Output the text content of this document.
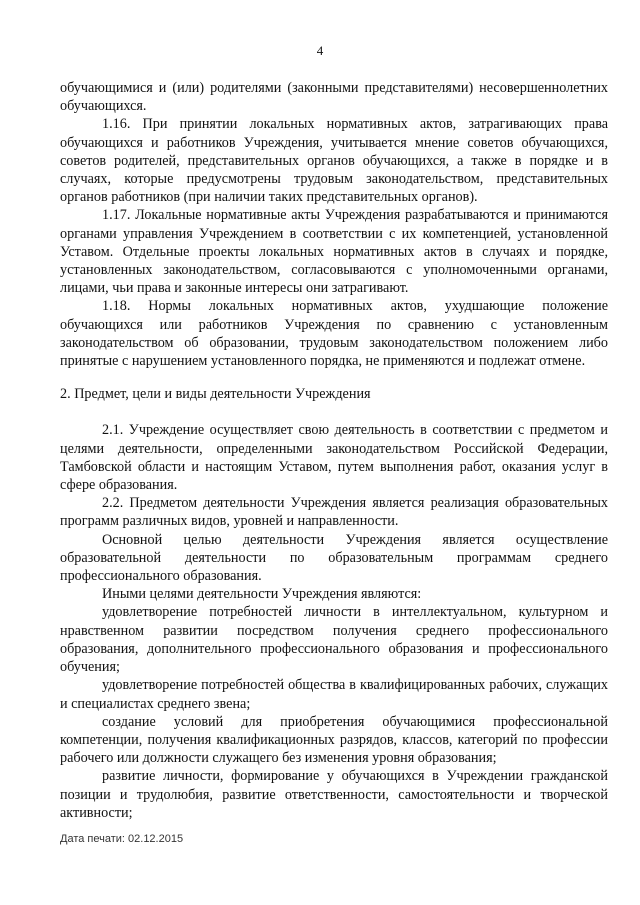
4

обучающимися и (или) родителями (законными представителями) несовершеннолетних обучающихся.

1.16. При принятии локальных нормативных актов, затрагивающих права обучающихся и работников Учреждения, учитывается мнение советов обучающихся, советов родителей, представительных органов обучающихся, а также в порядке и в случаях, которые предусмотрены трудовым законодательством, представительных органов работников (при наличии таких представительных органов).

1.17. Локальные нормативные акты Учреждения разрабатываются и принимаются органами управления Учреждением в соответствии с их компетенцией, установленной Уставом. Отдельные проекты локальных нормативных актов в случаях и порядке, установленных законодательством, согласовываются с уполномоченными органами, лицами, чьи права и законные интересы они затрагивают.

1.18. Нормы локальных нормативных актов, ухудшающие положение обучающихся или работников Учреждения по сравнению с установленным законодательством об образовании, трудовым законодательством положением либо принятые с нарушением установленного порядка, не применяются и подлежат отмене.

2. Предмет, цели и виды деятельности Учреждения

2.1. Учреждение осуществляет свою деятельность в соответствии с предметом и целями деятельности, определенными законодательством Российской Федерации, Тамбовской области и настоящим Уставом, путем выполнения работ, оказания услуг в сфере образования.

2.2. Предметом деятельности Учреждения является реализация образовательных программ различных видов, уровней и направленности.

Основной целью деятельности Учреждения является осуществление образовательной деятельности по образовательным программам среднего профессионального образования.

Иными целями деятельности Учреждения являются:

удовлетворение потребностей личности в интеллектуальном, культурном и нравственном развитии посредством получения среднего профессионального образования, дополнительного профессионального образования и профессионального обучения;

удовлетворение потребностей общества в квалифицированных рабочих, служащих и специалистах среднего звена;

создание условий для приобретения обучающимися профессиональной компетенции, получения квалификационных разрядов, классов, категорий по профессии рабочего или должности служащего без изменения уровня образования;

развитие личности, формирование у обучающихся в Учреждении гражданской позиции и трудолюбия, развитие ответственности, самостоятельности и творческой активности;

Дата печати: 02.12.2015
